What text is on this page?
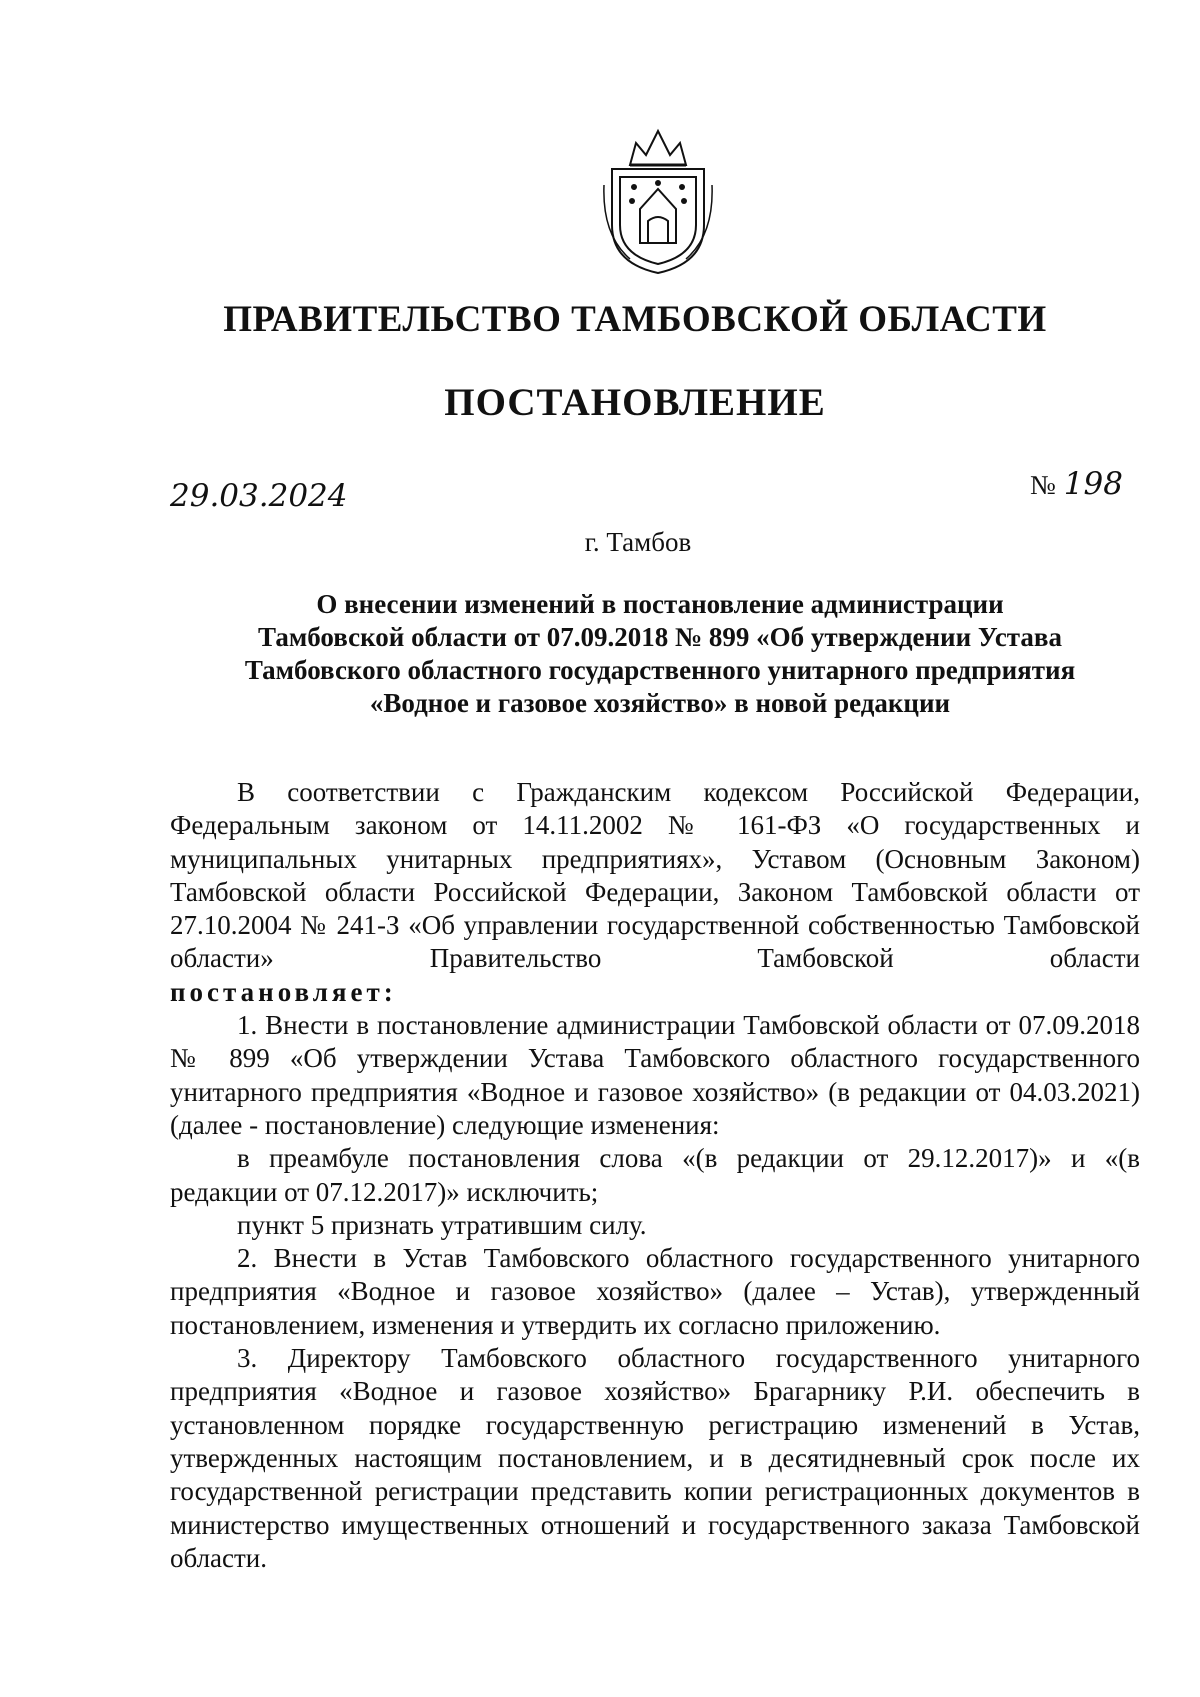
ПРАВИТЕЛЬСТВО ТАМБОВСКОЙ ОБЛАСТИ
ПОСТАНОВЛЕНИЕ
29.03.2024	№ 198
г. Тамбов
О внесении изменений в постановление администрации
Тамбовской области от 07.09.2018 № 899 «Об утверждении Устава
Тамбовского областного государственного унитарного предприятия
«Водное и газовое хозяйство» в новой редакции

В соответствии с Гражданским кодексом Российской Федерации, Федеральным законом от 14.11.2002 № 161-ФЗ «О государственных и муниципальных унитарных предприятиях», Уставом (Основным Законом) Тамбовской области Российской Федерации, Законом Тамбовской области от 27.10.2004 № 241-З «Об управлении государственной собственностью Тамбовской области» Правительство Тамбовской области

постановляет:

1. Внести в постановление администрации Тамбовской области от 07.09.2018 № 899 «Об утверждении Устава Тамбовского областного государственного унитарного предприятия «Водное и газовое хозяйство» (в редакции от 04.03.2021) (далее - постановление) следующие изменения:

в преамбуле постановления слова «(в редакции от 29.12.2017)» и «(в редакции от 07.12.2017)» исключить;

пункт 5 признать утратившим силу.

2. Внести в Устав Тамбовского областного государственного унитарного предприятия «Водное и газовое хозяйство» (далее – Устав), утвержденный постановлением, изменения и утвердить их согласно приложению.

3. Директору Тамбовского областного государственного унитарного предприятия «Водное и газовое хозяйство» Брагарнику Р.И. обеспечить в установленном порядке государственную регистрацию изменений в Устав, утвержденных настоящим постановлением, и в десятидневный срок после их государственной регистрации представить копии регистрационных документов в министерство имущественных отношений и государственного заказа Тамбовской области.
